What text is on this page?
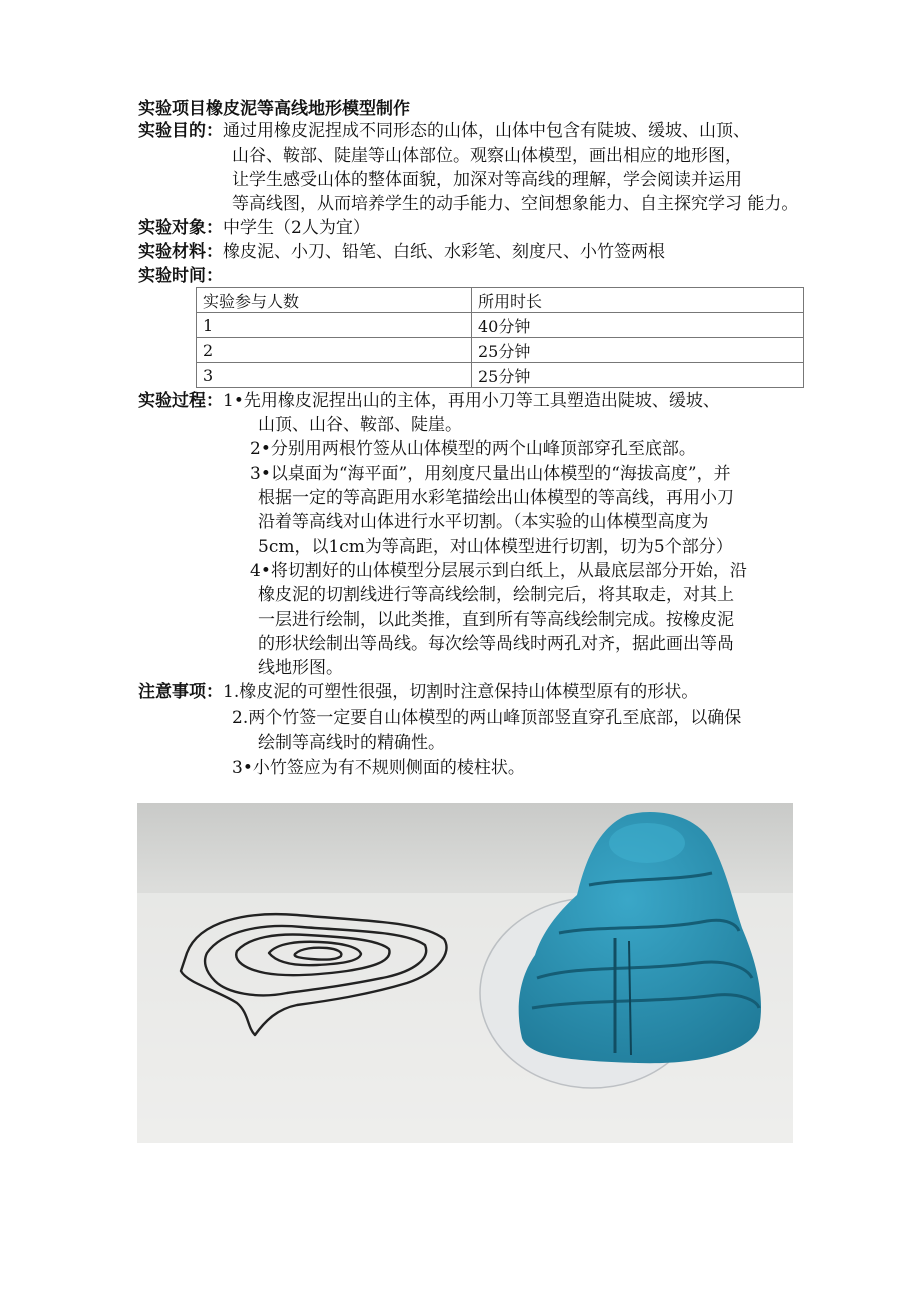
实验项目橡皮泥等高线地形模型制作
实验目的：通过用橡皮泥捏成不同形态的山体，山体中包含有陡坡、缓坡、山顶、
山谷、鞍部、陡崖等山体部位。观察山体模型，画出相应的地形图，
让学生感受山体的整体面貌，加深对等高线的理解，学会阅读并运用
等高线图，从而培养学生的动手能力、空间想象能力、自主探究学习 能力。
实验对象：中学生（2人为宜）
实验材料：橡皮泥、小刀、铅笔、白纸、水彩笔、刻度尺、小竹签两根
实验时间：
实验参与人数	所用时长
1	40分钟
2	25分钟
3	25分钟
实验过程：1•先用橡皮泥捏出山的主体，再用小刀等工具塑造出陡坡、缓坡、
山顶、山谷、鞍部、陡崖。
2•分别用两根竹签从山体模型的两个山峰顶部穿孔至底部。
3•以桌面为“海平面”，用刻度尺量出山体模型的“海拔高度”，并
根据一定的等高距用水彩笔描绘出山体模型的等高线，再用小刀
沿着等高线对山体进行水平切割。（本实验的山体模型高度为
5cm，以1cm为等高距，对山体模型进行切割，切为5个部分）
4•将切割好的山体模型分层展示到白纸上，从最底层部分开始，沿
橡皮泥的切割线进行等高线绘制，绘制完后，将其取走，对其上
一层进行绘制，以此类推，直到所有等高线绘制完成。按橡皮泥
的形状绘制出等咼线。每次绘等咼线时两孔对齐，据此画出等咼
线地形图。
注意事项：1.橡皮泥的可塑性很强，切割时注意保持山体模型原有的形状。
2.两个竹签一定要自山体模型的两山峰顶部竖直穿孔至底部，以确保
绘制等高线时的精确性。
3•小竹签应为有不规则侧面的棱柱状。
